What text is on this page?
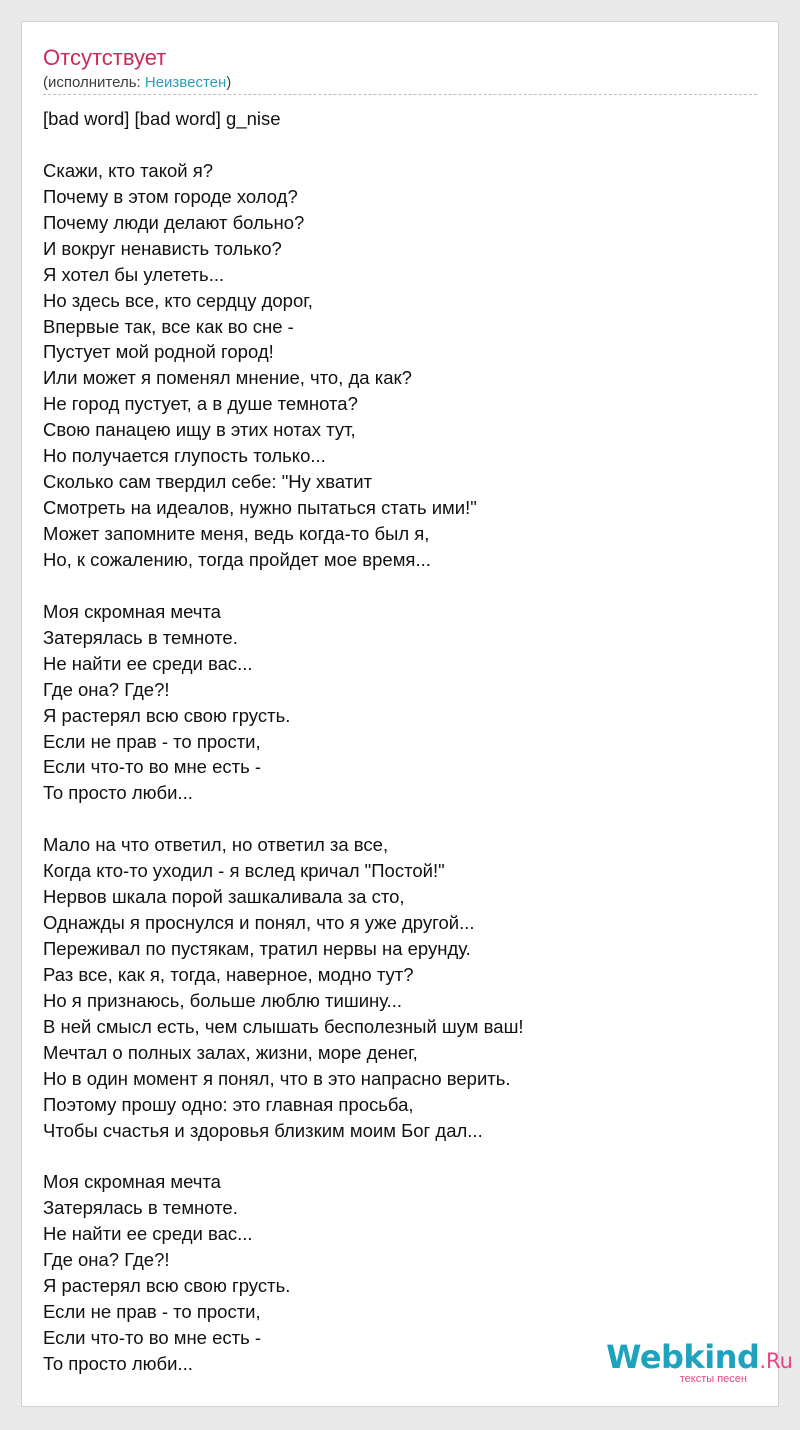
Отсутствует
(исполнитель: Неизвестен)
[bad word] [bad word] g_nise
Скажи, кто такой я?
Почему в этом городе холод?
Почему люди делают больно?
И вокруг ненависть только?
Я хотел бы улететь...
Но здесь все, кто сердцу дорог,
Впервые так, все как во сне -
Пустует мой родной город!
Или может я поменял мнение, что, да как?
Не город пустует, а в душе темнота?
Свою панацею ищу в этих нотах тут,
Но получается глупость только...
Сколько сам твердил себе: "Ну хватит
Смотреть на идеалов, нужно пытаться стать ими!"
Может запомните меня, ведь когда-то был я,
Но, к сожалению, тогда пройдет мое время...
Моя скромная мечта
Затерялась в темноте.
Не найти ее среди вас...
Где она? Где?!
Я растерял всю свою грусть.
Если не прав - то прости,
Если что-то во мне есть -
То просто люби...
Мало на что ответил, но ответил за все,
Когда кто-то уходил - я вслед кричал "Постой!"
Нервов шкала порой зашкаливала за сто,
Однажды я проснулся и понял, что я уже другой...
Переживал по пустякам, тратил нервы на ерунду.
Раз все, как я, тогда, наверное, модно тут?
Но я признаюсь, больше люблю тишину...
В ней смысл есть, чем слышать бесполезный шум ваш!
Мечтал о полных залах, жизни, море денег,
Но в один момент я понял, что в это напрасно верить.
Поэтому прошу одно: это главная просьба,
Чтобы счастья и здоровья близким моим Бог дал...
Моя скромная мечта
Затерялась в темноте.
Не найти ее среди вас...
Где она? Где?!
Я растерял всю свою грусть.
Если не прав - то прости,
Если что-то во мне есть -
То просто люби...	Webkind.Ru
тексты песен
